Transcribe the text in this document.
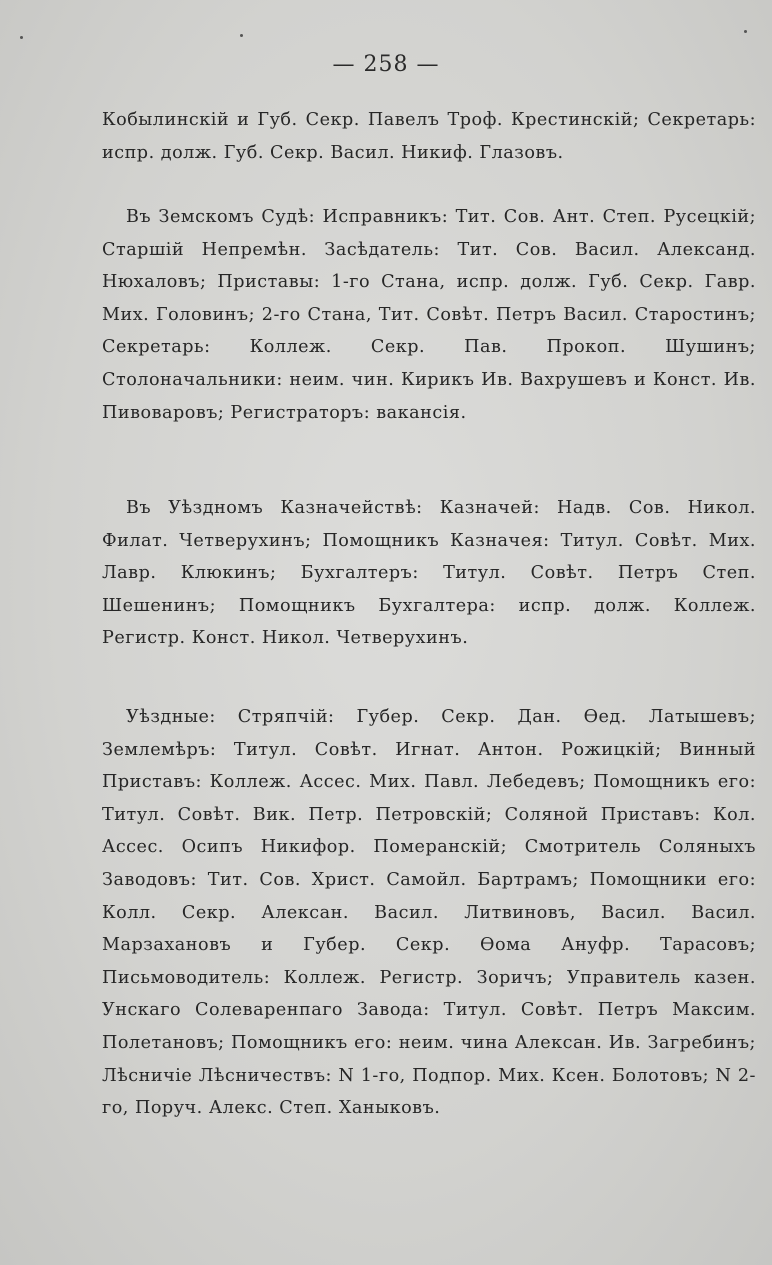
— 258 —
Кобылинскій и Губ. Секр. Павелъ Троф. Крестинскій; Секретарь: испр. долж. Губ. Секр. Васил. Никиф. Глазовъ.
Въ Земскомъ Судѣ: Исправникъ: Тит. Сов. Ант. Степ. Русецкій; Старшій Непремѣн. Засѣдатель: Тит. Сов. Васил. Александ. Нюхаловъ; Приставы: 1-го Стана, испр. долж. Губ. Секр. Гавр. Мих. Головинъ; 2-го Стана, Тит. Совѣт. Петръ Васил. Старостинъ; Секретарь: Коллеж. Секр. Пав. Прокоп. Шушинъ; Столоначальники: неим. чин. Кирикъ Ив. Вахрушевъ и Конст. Ив. Пивоваровъ; Регистраторъ: вакансія.
Въ Уѣздномъ Казначействѣ: Казначей: Надв. Сов. Никол. Филат. Четверухинъ; Помощникъ Казначея: Титул. Совѣт. Мих. Лавр. Клюкинъ; Бухгалтеръ: Титул. Совѣт. Петръ Степ. Шешенинъ; Помощникъ Бухгалтера: испр. долж. Коллеж. Регистр. Конст. Никол. Четверухинъ.
Уѣздные: Стряпчій: Губер. Секр. Дан. Ѳед. Латышевъ; Землемѣръ: Титул. Совѣт. Игнат. Антон. Рожицкій; Винный Приставъ: Коллеж. Ассес. Мих. Павл. Лебедевъ; Помощникъ его: Титул. Совѣт. Вик. Петр. Петровскій; Соляной Приставъ: Кол. Ассес. Осипъ Никифор. Померанскій; Смотритель Соляныхъ Заводовъ: Тит. Сов. Христ. Самойл. Бартрамъ; Помощники его: Колл. Секр. Алексан. Васил. Литвиновъ, Васил. Васил. Марзахановъ и Губер. Секр. Ѳома Ануфр. Тарасовъ; Письмоводитель: Коллеж. Регистр. Зоричъ; Управитель казен. Унскаго Солеваренпаго Завода: Титул. Совѣт. Петръ Максим. Полетановъ; Помощникъ его: неим. чина Алексан. Ив. Загребинъ; Лѣсничіе Лѣсничествъ: N 1-го, Подпор. Мих. Ксен. Болотовъ; N 2-го, Поруч. Алекс. Степ. Ханыковъ.
